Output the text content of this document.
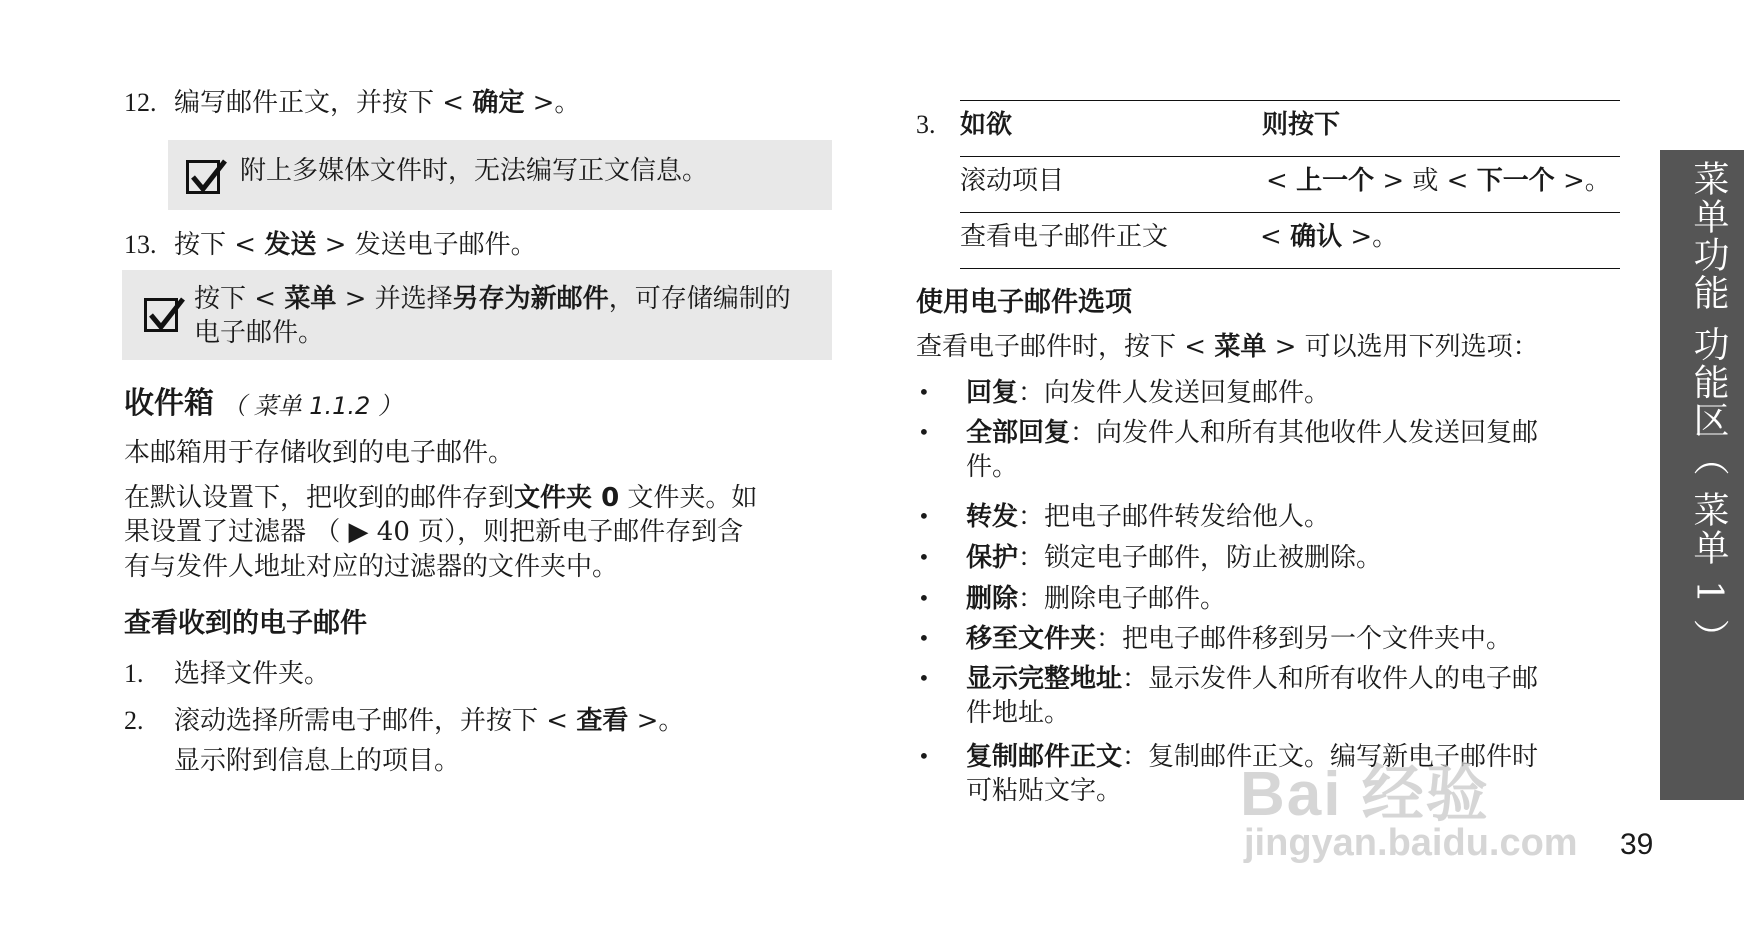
12. 编写邮件正文，并按下 < 确定 >。
附上多媒体文件时，无法编写正文信息。
13. 按下 < 发送 > 发送电子邮件。
按下 < 菜单 > 并选择另存为新邮件，可存储编制的
电子邮件。
收件箱 （ 菜单 1.1.2 ）
本邮箱用于存储收到的电子邮件。
在默认设置下，把收到的邮件存到文件夹 0 文件夹。如
果设置了过滤器 （ ▶ 40 页），则把新电子邮件存到含
有与发件人地址对应的过滤器的文件夹中。
查看收到的电子邮件
1. 选择文件夹。
2. 滚动选择所需电子邮件，并按下 < 查看 >。
显示附到信息上的项目。
3. 如欲	则按下
滚动项目	< 上一个 > 或 < 下一个 >。
查看电子邮件正文	< 确认 >。
使用电子邮件选项
查看电子邮件时，按下 < 菜单 > 可以选用下列选项：
• 回复：向发件人发送回复邮件。
• 全部回复：向发件人和所有其他收件人发送回复邮
件。
• 转发：把电子邮件转发给他人。
• 保护：锁定电子邮件，防止被删除。
• 删除：删除电子邮件。
• 移至文件夹：把电子邮件移到另一个文件夹中。
• 显示完整地址：显示发件人和所有收件人的电子邮
件地址。
• 复制邮件正文：复制邮件正文。编写新电子邮件时
可粘贴文字。
菜单功能 功能区（ 菜单 1 ）
Bai 经验
jingyan.baidu.com 39
